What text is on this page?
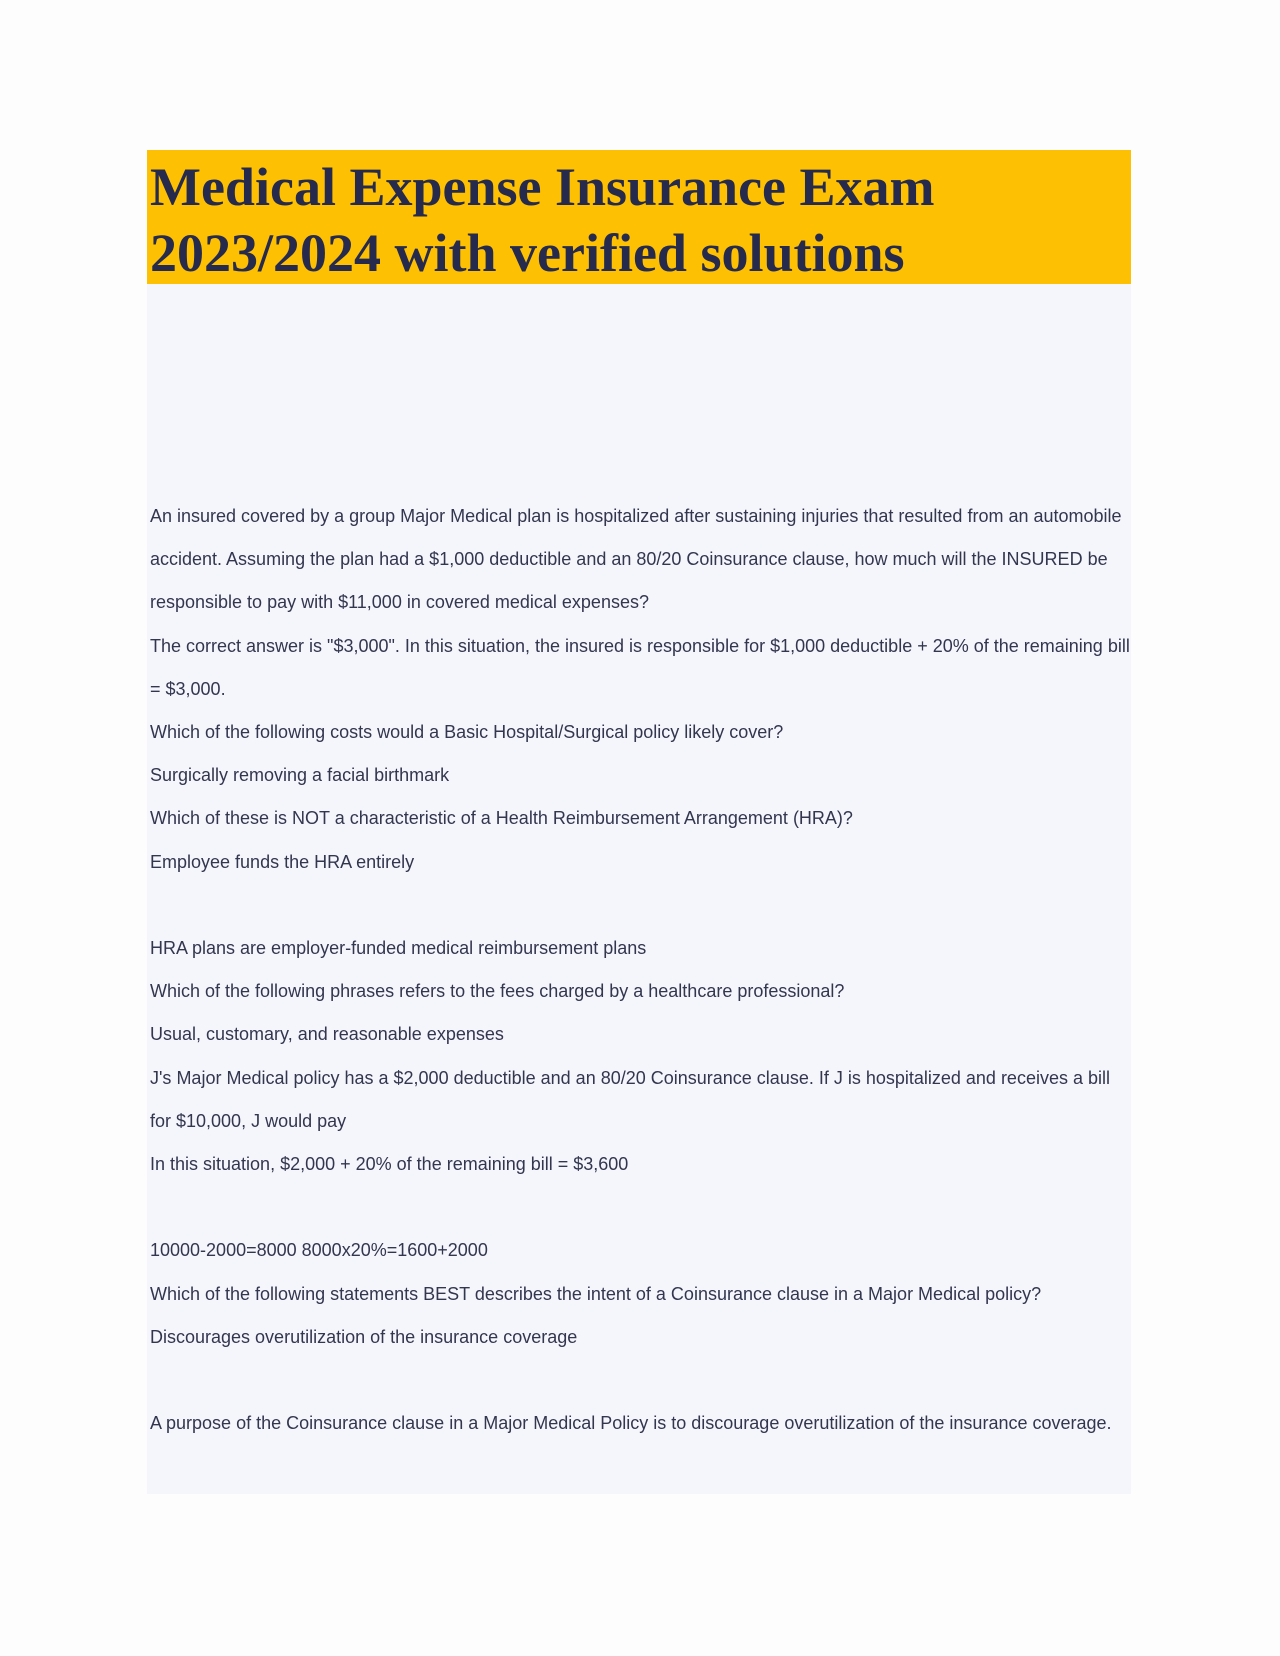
Medical Expense Insurance Exam
2023/2024 with verified solutions

An insured covered by a group Major Medical plan is hospitalized after sustaining injuries that resulted from an automobile accident. Assuming the plan had a $1,000 deductible and an 80/20 Coinsurance clause, how much will the INSURED be responsible to pay with $11,000 in covered medical expenses?

The correct answer is "$3,000". In this situation, the insured is responsible for $1,000 deductible + 20% of the remaining bill = $3,000.

Which of the following costs would a Basic Hospital/Surgical policy likely cover?

Surgically removing a facial birthmark

Which of these is NOT a characteristic of a Health Reimbursement Arrangement (HRA)?

Employee funds the HRA entirely

HRA plans are employer-funded medical reimbursement plans

Which of the following phrases refers to the fees charged by a healthcare professional?

Usual, customary, and reasonable expenses

J's Major Medical policy has a $2,000 deductible and an 80/20 Coinsurance clause. If J is hospitalized and receives a bill for $10,000, J would pay

In this situation, $2,000 + 20% of the remaining bill = $3,600

10000-2000=8000 8000x20%=1600+2000

Which of the following statements BEST describes the intent of a Coinsurance clause in a Major Medical policy?

Discourages overutilization of the insurance coverage

A purpose of the Coinsurance clause in a Major Medical Policy is to discourage overutilization of the insurance coverage.
